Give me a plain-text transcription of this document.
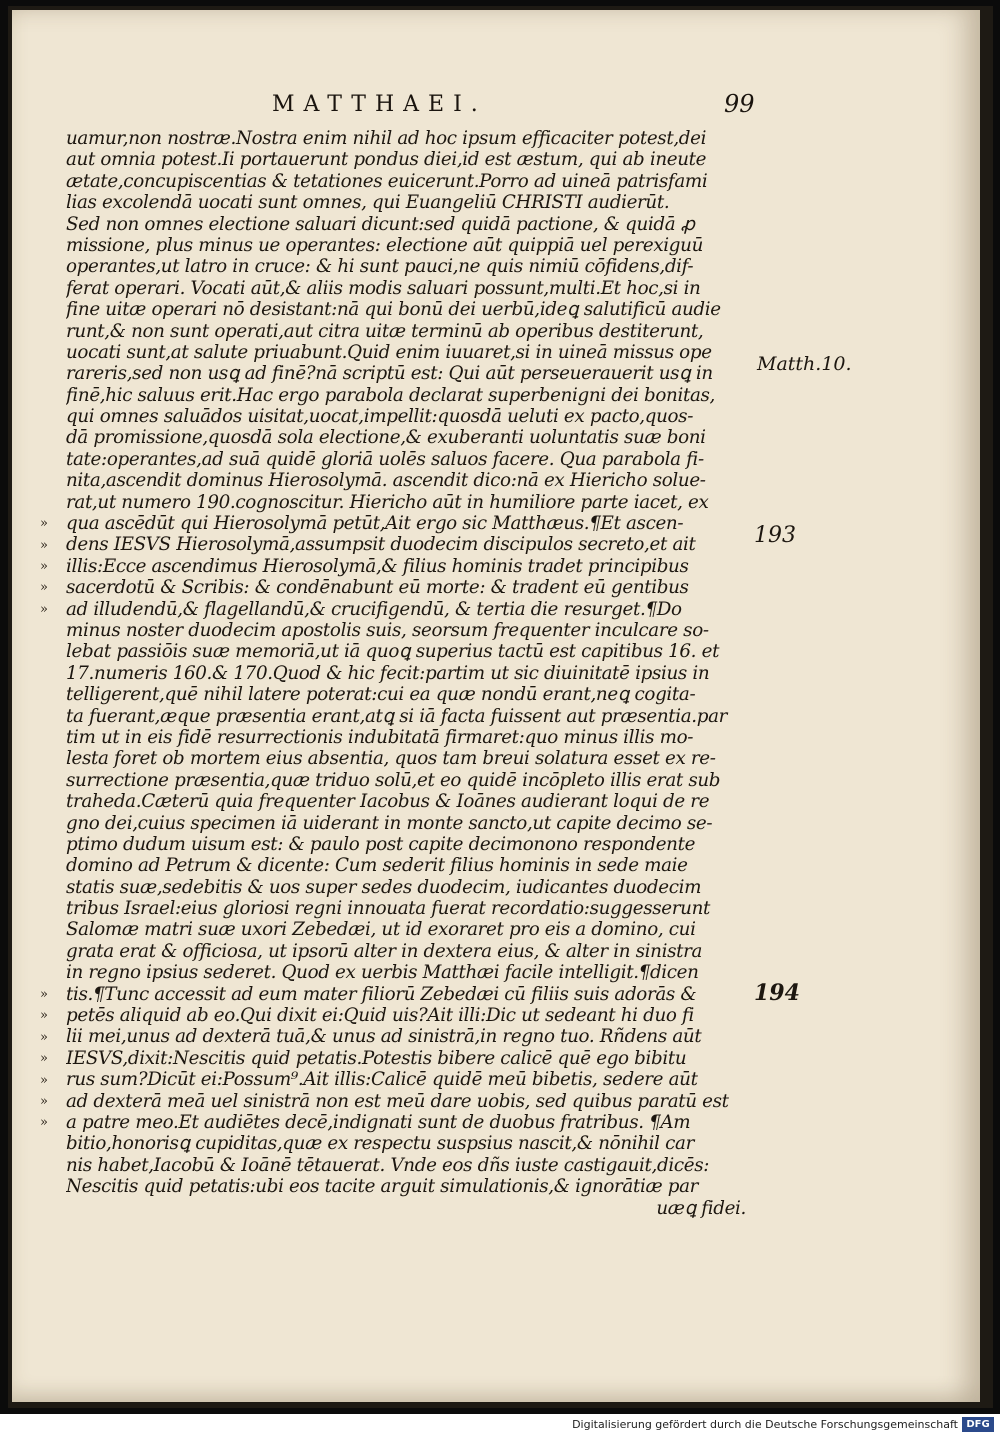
MATTHAEI.	99
»
»
»
»
»
»
»
»
»
»
»
»
uamur,non nostræ.Nostra enim nihil ad hoc ipsum efficaciter potest,dei
aut omnia potest.Ii portauerunt pondus diei,id est æstum, qui ab ineute
ætate,concupiscentias & tetationes euicerunt.Porro ad uineā patrisfami
lias excolendā uocati sunt omnes, qui Euangeliū CHRISTI audierūt.
Sed non omnes electione saluari dicunt:sed quidā pactione, & quidā ꝓ
missione, plus minus ue operantes: electione aūt quippiā uel perexiguū
operantes,ut latro in cruce: & hi sunt pauci,ne quis nimiū cōfidens,dif-
ferat operari. Vocati aūt,& aliis modis saluari possunt,multi.Et hoc,si in
fine uitæ operari nō desistant:nā qui bonū dei uerbū,ideꝗ salutificū audie
runt,& non sunt operati,aut citra uitæ terminū ab operibus destiterunt,
uocati sunt,at salute priuabunt.Quid enim iuuaret,si in uineā missus ope
rareris,sed non usꝗ ad finē?nā scriptū est: Qui aūt perseuerauerit usꝗ in
finē,hic saluus erit.Hac ergo parabola declarat superbenigni dei bonitas,
qui omnes saluādos uisitat,uocat,impellit:quosdā ueluti ex pacto,quos-
dā promissione,quosdā sola electione,& exuberanti uoluntatis suæ boni
tate:operantes,ad suā quidē gloriā uolēs saluos facere. Qua parabola fi-
nita,ascendit dominus Hierosolymā. ascendit dico:nā ex Hiericho solue-
rat,ut numero 190.cognoscitur. Hiericho aūt in humiliore parte iacet, ex
qua ascēdūt qui Hierosolymā petūt,Ait ergo sic Matthæus.¶Et ascen-
dens IESVS Hierosolymā,assumpsit duodecim discipulos secreto,et ait
illis:Ecce ascendimus Hierosolymā,& filius hominis tradet principibus
sacerdotū & Scribis: & condēnabunt eū morte: & tradent eū gentibus
ad illudendū,& flagellandū,& crucifigendū, & tertia die resurget.¶Do
minus noster duodecim apostolis suis, seorsum frequenter inculcare so-
lebat passiōis suæ memoriā,ut iā quoꝗ superius tactū est capitibus 16. et
17.numeris 160.& 170.Quod & hic fecit:partim ut sic diuinitatē ipsius in
telligerent,quē nihil latere poterat:cui ea quæ nondū erant,neꝗ cogita-
ta fuerant,æque præsentia erant,atꝗ si iā facta fuissent aut præsentia.par
tim ut in eis fidē resurrectionis indubitatā firmaret:quo minus illis mo-
lesta foret ob mortem eius absentia, quos tam breui solatura esset ex re-
surrectione præsentia,quæ triduo solū,et eo quidē incōpleto illis erat sub
traheda.Cæterū quia frequenter Iacobus & Ioānes audierant loqui de re
gno dei,cuius specimen iā uiderant in monte sancto,ut capite decimo se-
ptimo dudum uisum est: & paulo post capite decimonono respondente
domino ad Petrum & dicente: Cum sederit filius hominis in sede maie
statis suæ,sedebitis & uos super sedes duodecim, iudicantes duodecim
tribus Israel:eius gloriosi regni innouata fuerat recordatio:suggesserunt
Salomæ matri suæ uxori Zebedæi, ut id exoraret pro eis a domino, cui
grata erat & officiosa, ut ipsorū alter in dextera eius, & alter in sinistra
in regno ipsius sederet. Quod ex uerbis Matthæi facile intelligit.¶dicen
tis.¶Tunc accessit ad eum mater filiorū Zebedæi cū filiis suis adorās &
petēs aliquid ab eo.Qui dixit ei:Quid uis?Ait illi:Dic ut sedeant hi duo fi
lii mei,unus ad dexterā tuā,& unus ad sinistrā,in regno tuo. Rñdens aūt
IESVS,dixit:Nescitis quid petatis.Potestis bibere calicē quē ego bibitu
rus sum?Dicūt ei:Possum⁹.Ait illis:Calicē quidē meū bibetis, sedere aūt
ad dexterā meā uel sinistrā non est meū dare uobis, sed quibus paratū est
a patre meo.Et audiētes decē,indignati sunt de duobus fratribus. ¶Am
bitio,honorisꝗ cupiditas,quæ ex respectu suspsius nascit,& nōnihil car
nis habet,Iacobū & Ioānē tētauerat. Vnde eos dñs iuste castigauit,dicēs:
Nescitis quid petatis:ubi eos tacite arguit simulationis,& ignorātiæ par
uæꝗ fidei.
Matth.10.
193
194
Digitalisierung gefördert durch die Deutsche Forschungsgemeinschaft DFG
